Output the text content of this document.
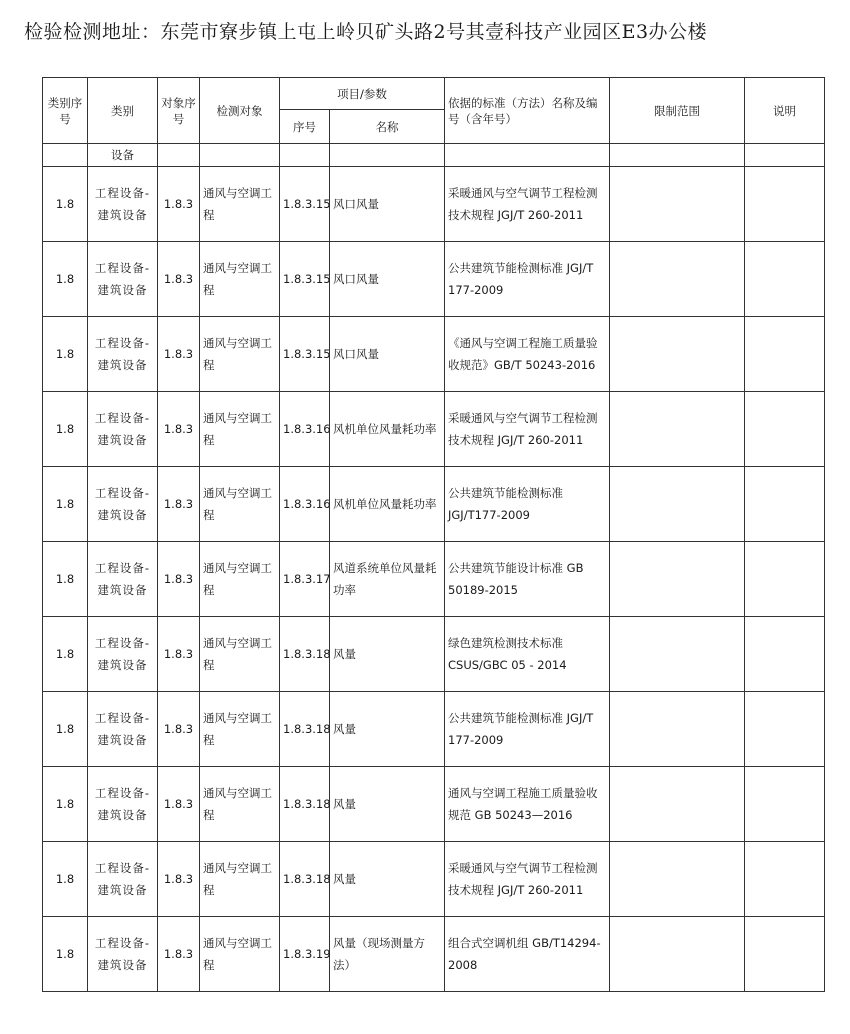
检验检测地址：东莞市寮步镇上屯上岭贝矿头路2号其壹科技产业园区E3办公楼
类别序号	类别	对象序号	检测对象	项目/参数		依据的标准（方法）名称及编号（含年号）	限制范围	说明
				序号	名称			
	设备							
1.8	工程设备-建筑设备	1.8.3	通风与空调工程	1.8.3.15	风口风量	采暖通风与空气调节工程检测技术规程 JGJ/T 260-2011		
1.8	工程设备-建筑设备	1.8.3	通风与空调工程	1.8.3.15	风口风量	公共建筑节能检测标准 JGJ/T 177-2009		
1.8	工程设备-建筑设备	1.8.3	通风与空调工程	1.8.3.15	风口风量	《通风与空调工程施工质量验收规范》GB/T 50243-2016		
1.8	工程设备-建筑设备	1.8.3	通风与空调工程	1.8.3.16	风机单位风量耗功率	采暖通风与空气调节工程检测技术规程 JGJ/T 260-2011		
1.8	工程设备-建筑设备	1.8.3	通风与空调工程	1.8.3.16	风机单位风量耗功率	公共建筑节能检测标准 JGJ/T177-2009		
1.8	工程设备-建筑设备	1.8.3	通风与空调工程	1.8.3.17	风道系统单位风量耗功率	公共建筑节能设计标准 GB 50189-2015		
1.8	工程设备-建筑设备	1.8.3	通风与空调工程	1.8.3.18	风量	绿色建筑检测技术标准 CSUS/GBC 05 - 2014		
1.8	工程设备-建筑设备	1.8.3	通风与空调工程	1.8.3.18	风量	公共建筑节能检测标准 JGJ/T 177-2009		
1.8	工程设备-建筑设备	1.8.3	通风与空调工程	1.8.3.18	风量	通风与空调工程施工质量验收规范 GB 50243—2016		
1.8	工程设备-建筑设备	1.8.3	通风与空调工程	1.8.3.18	风量	采暖通风与空气调节工程检测技术规程 JGJ/T 260-2011		
1.8	工程设备-建筑设备	1.8.3	通风与空调工程	1.8.3.19	风量（现场测量方法）	组合式空调机组 GB/T14294-2008		
